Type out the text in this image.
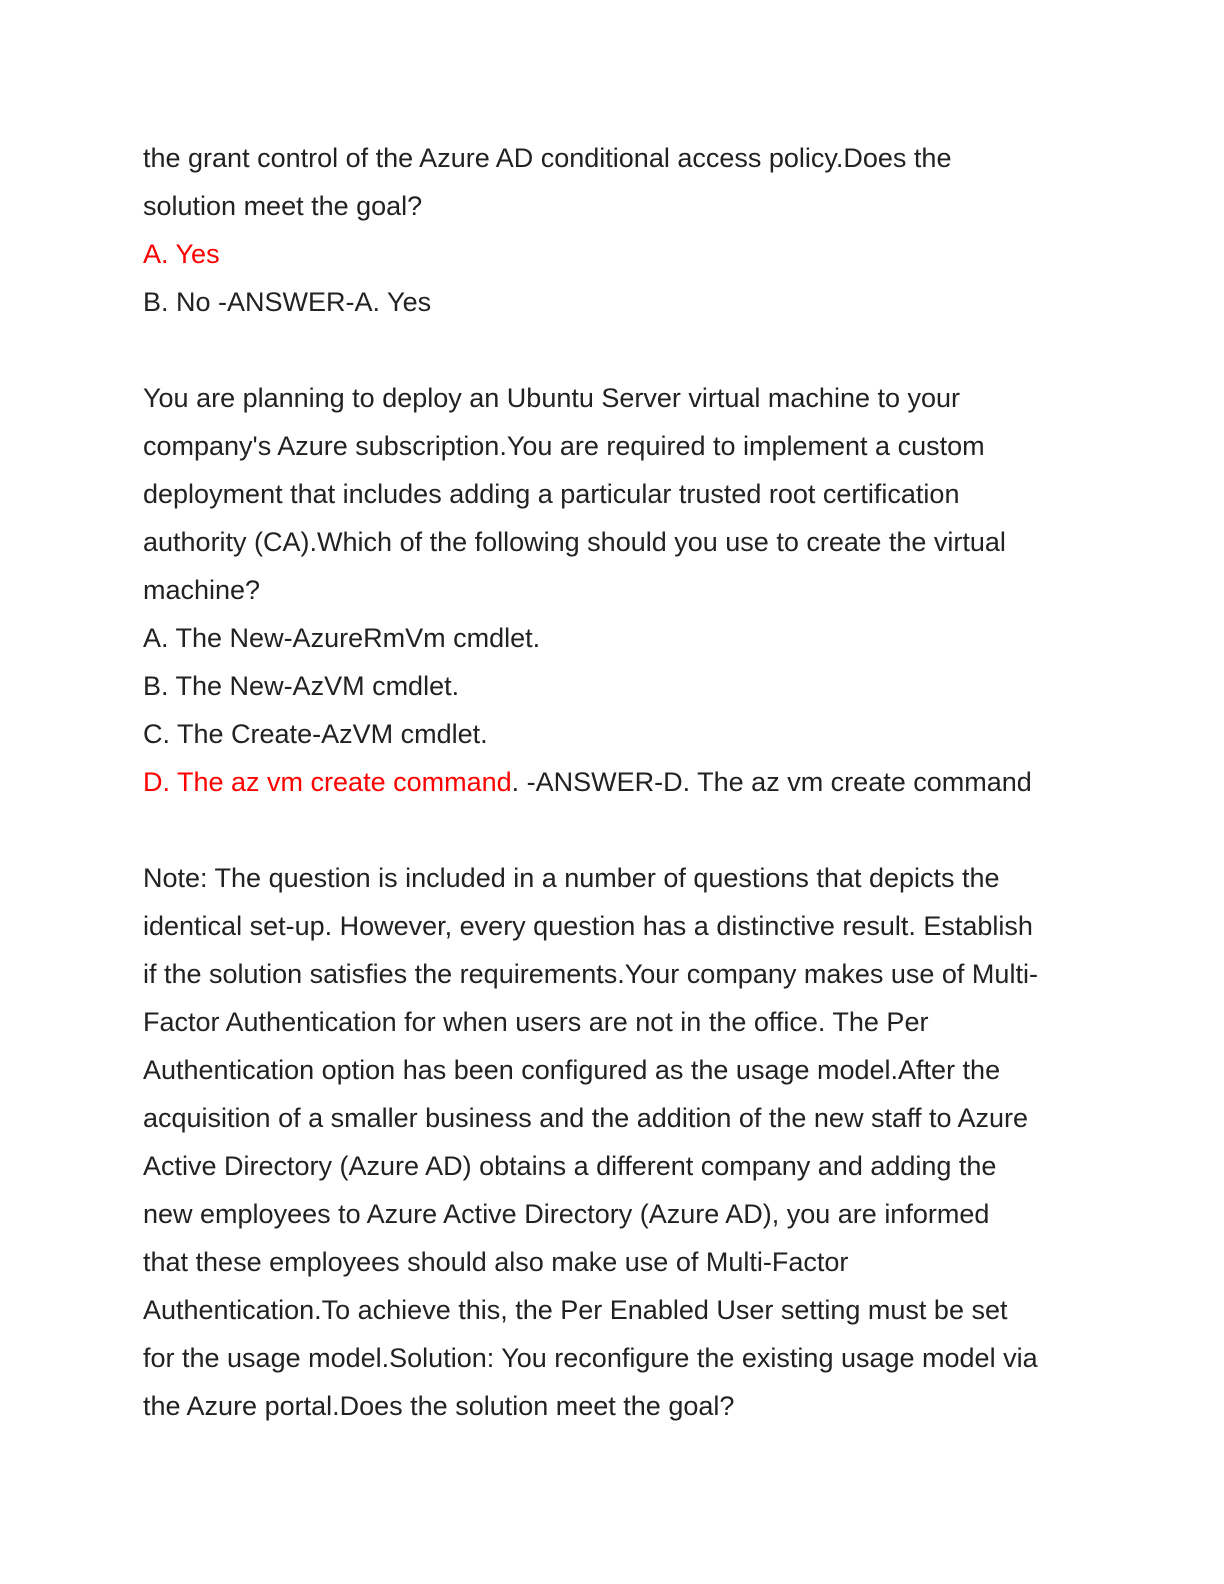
the grant control of the Azure AD conditional access policy.Does the
solution meet the goal?
A. Yes
B. No -ANSWER-A. Yes
You are planning to deploy an Ubuntu Server virtual machine to your
company's Azure subscription.You are required to implement a custom
deployment that includes adding a particular trusted root certification
authority (CA).Which of the following should you use to create the virtual
machine?
A. The New-AzureRmVm cmdlet.
B. The New-AzVM cmdlet.
C. The Create-AzVM cmdlet.
D. The az vm create command. -ANSWER-D. The az vm create command
Note: The question is included in a number of questions that depicts the
identical set-up. However, every question has a distinctive result. Establish
if the solution satisfies the requirements.Your company makes use of Multi-
Factor Authentication for when users are not in the office. The Per
Authentication option has been configured as the usage model.After the
acquisition of a smaller business and the addition of the new staff to Azure
Active Directory (Azure AD) obtains a different company and adding the
new employees to Azure Active Directory (Azure AD), you are informed
that these employees should also make use of Multi-Factor
Authentication.To achieve this, the Per Enabled User setting must be set
for the usage model.Solution: You reconfigure the existing usage model via
the Azure portal.Does the solution meet the goal?
